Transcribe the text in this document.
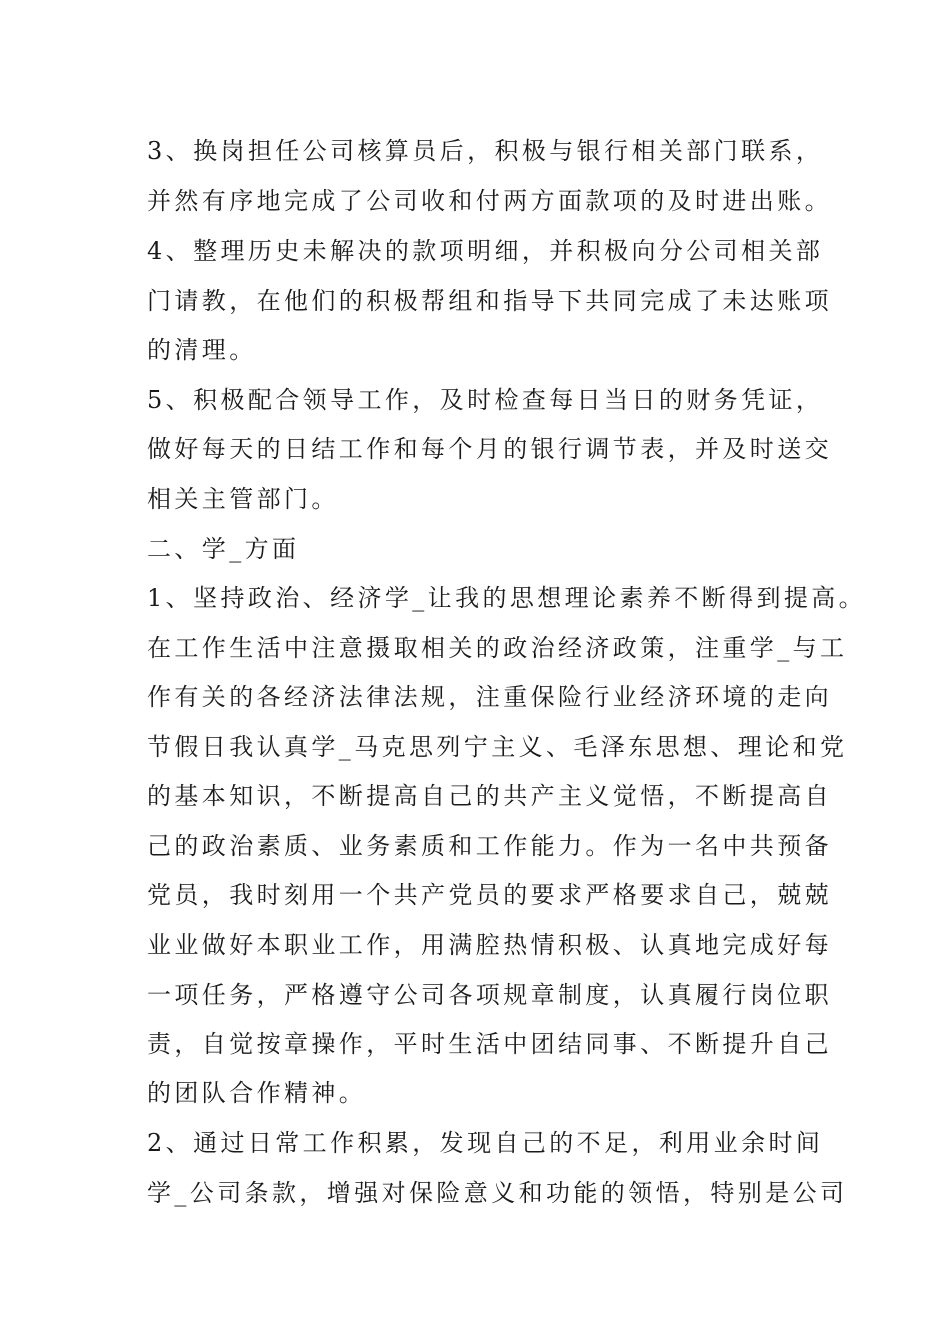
3、换岗担任公司核算员后，积极与银行相关部门联系，
并然有序地完成了公司收和付两方面款项的及时进出账。
4、整理历史未解决的款项明细，并积极向分公司相关部
门请教，在他们的积极帮组和指导下共同完成了未达账项
的清理。
5、积极配合领导工作，及时检查每日当日的财务凭证，
做好每天的日结工作和每个月的银行调节表，并及时送交
相关主管部门。
二、学_方面
1、坚持政治、经济学_让我的思想理论素养不断得到提高。
在工作生活中注意摄取相关的政治经济政策，注重学_与工
作有关的各经济法律法规，注重保险行业经济环境的走向
节假日我认真学_马克思列宁主义、毛泽东思想、理论和党
的基本知识，不断提高自己的共产主义觉悟，不断提高自
己的政治素质、业务素质和工作能力。作为一名中共预备
党员，我时刻用一个共产党员的要求严格要求自己，兢兢
业业做好本职业工作，用满腔热情积极、认真地完成好每
一项任务，严格遵守公司各项规章制度，认真履行岗位职
责，自觉按章操作，平时生活中团结同事、不断提升自己
的团队合作精神。
2、通过日常工作积累，发现自己的不足，利用业余时间
学_公司条款，增强对保险意义和功能的领悟，特别是公司
